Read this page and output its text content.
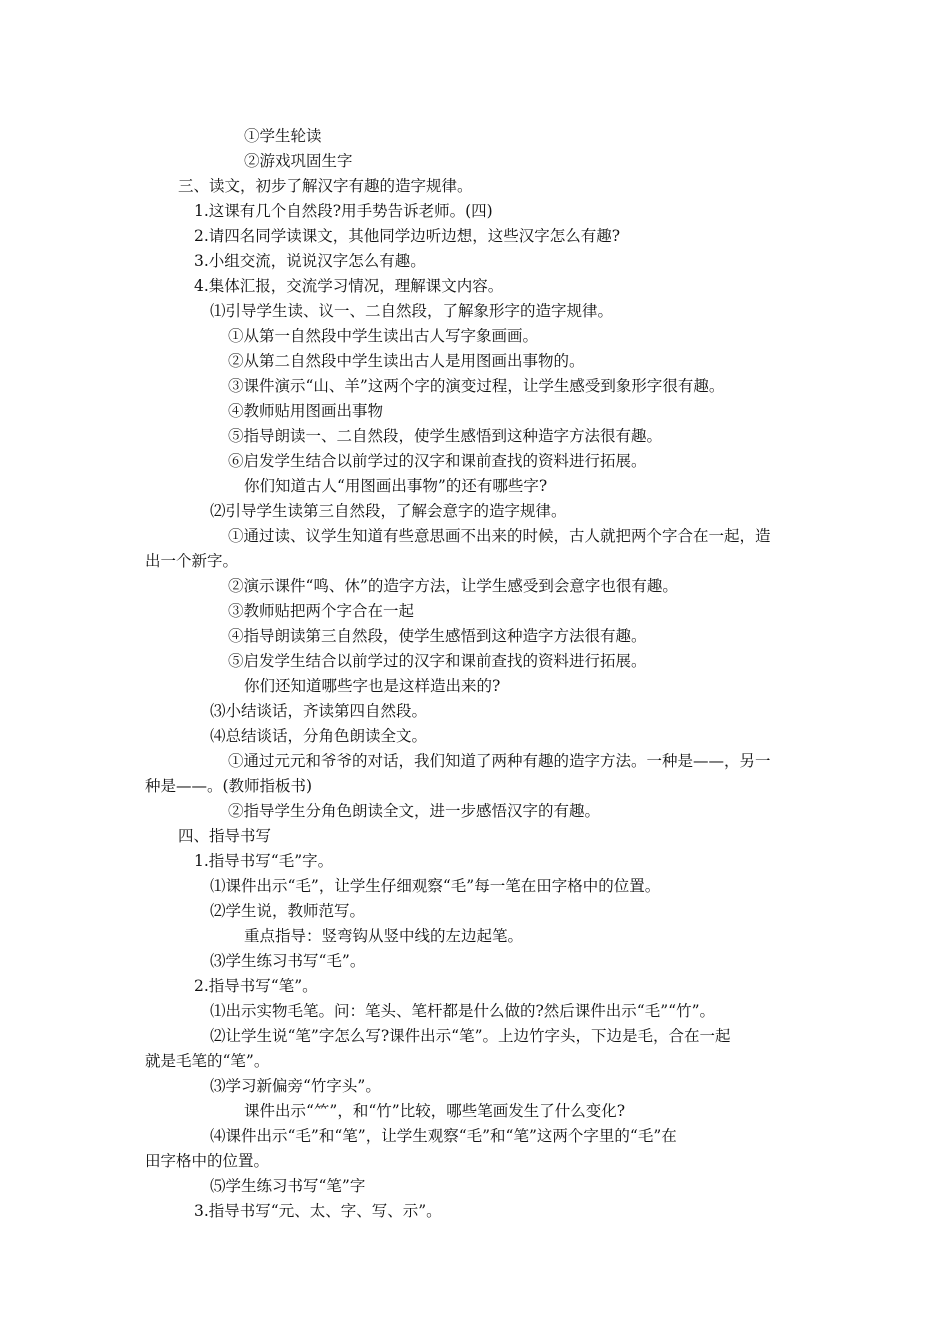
①学生轮读
②游戏巩固生字
三、读文，初步了解汉字有趣的造字规律。
1.这课有几个自然段?用手势告诉老师。(四)
2.请四名同学读课文，其他同学边听边想，这些汉字怎么有趣?
3.小组交流，说说汉字怎么有趣。
4.集体汇报，交流学习情况，理解课文内容。
⑴引导学生读、议一、二自然段，了解象形字的造字规律。
①从第一自然段中学生读出古人写字象画画。
②从第二自然段中学生读出古人是用图画出事物的。
③课件演示“山、羊”这两个字的演变过程，让学生感受到象形字很有趣。
④教师贴用图画出事物
⑤指导朗读一、二自然段，使学生感悟到这种造字方法很有趣。
⑥启发学生结合以前学过的汉字和课前查找的资料进行拓展。
你们知道古人“用图画出事物”的还有哪些字?
⑵引导学生读第三自然段，了解会意字的造字规律。
①通过读、议学生知道有些意思画不出来的时候，古人就把两个字合在一起，造
出一个新字。
②演示课件“鸣、休”的造字方法，让学生感受到会意字也很有趣。
③教师贴把两个字合在一起
④指导朗读第三自然段，使学生感悟到这种造字方法很有趣。
⑤启发学生结合以前学过的汉字和课前查找的资料进行拓展。
你们还知道哪些字也是这样造出来的?
⑶小结谈话，齐读第四自然段。
⑷总结谈话，分角色朗读全文。
①通过元元和爷爷的对话，我们知道了两种有趣的造字方法。一种是——，另一
种是——。(教师指板书)
②指导学生分角色朗读全文，进一步感悟汉字的有趣。
四、指导书写
1.指导书写“毛”字。
⑴课件出示“毛”，让学生仔细观察“毛”每一笔在田字格中的位置。
⑵学生说，教师范写。
重点指导：竖弯钩从竖中线的左边起笔。
⑶学生练习书写“毛”。
2.指导书写“笔”。
⑴出示实物毛笔。问：笔头、笔杆都是什么做的?然后课件出示“毛”“竹”。
⑵让学生说“笔”字怎么写?课件出示“笔”。上边竹字头，下边是毛，合在一起
就是毛笔的“笔”。
⑶学习新偏旁“竹字头”。
课件出示“⺮”，和“竹”比较，哪些笔画发生了什么变化?
⑷课件出示“毛”和“笔”，让学生观察“毛”和“笔”这两个字里的“毛”在
田字格中的位置。
⑸学生练习书写“笔”字
3.指导书写“元、太、字、写、示”。
